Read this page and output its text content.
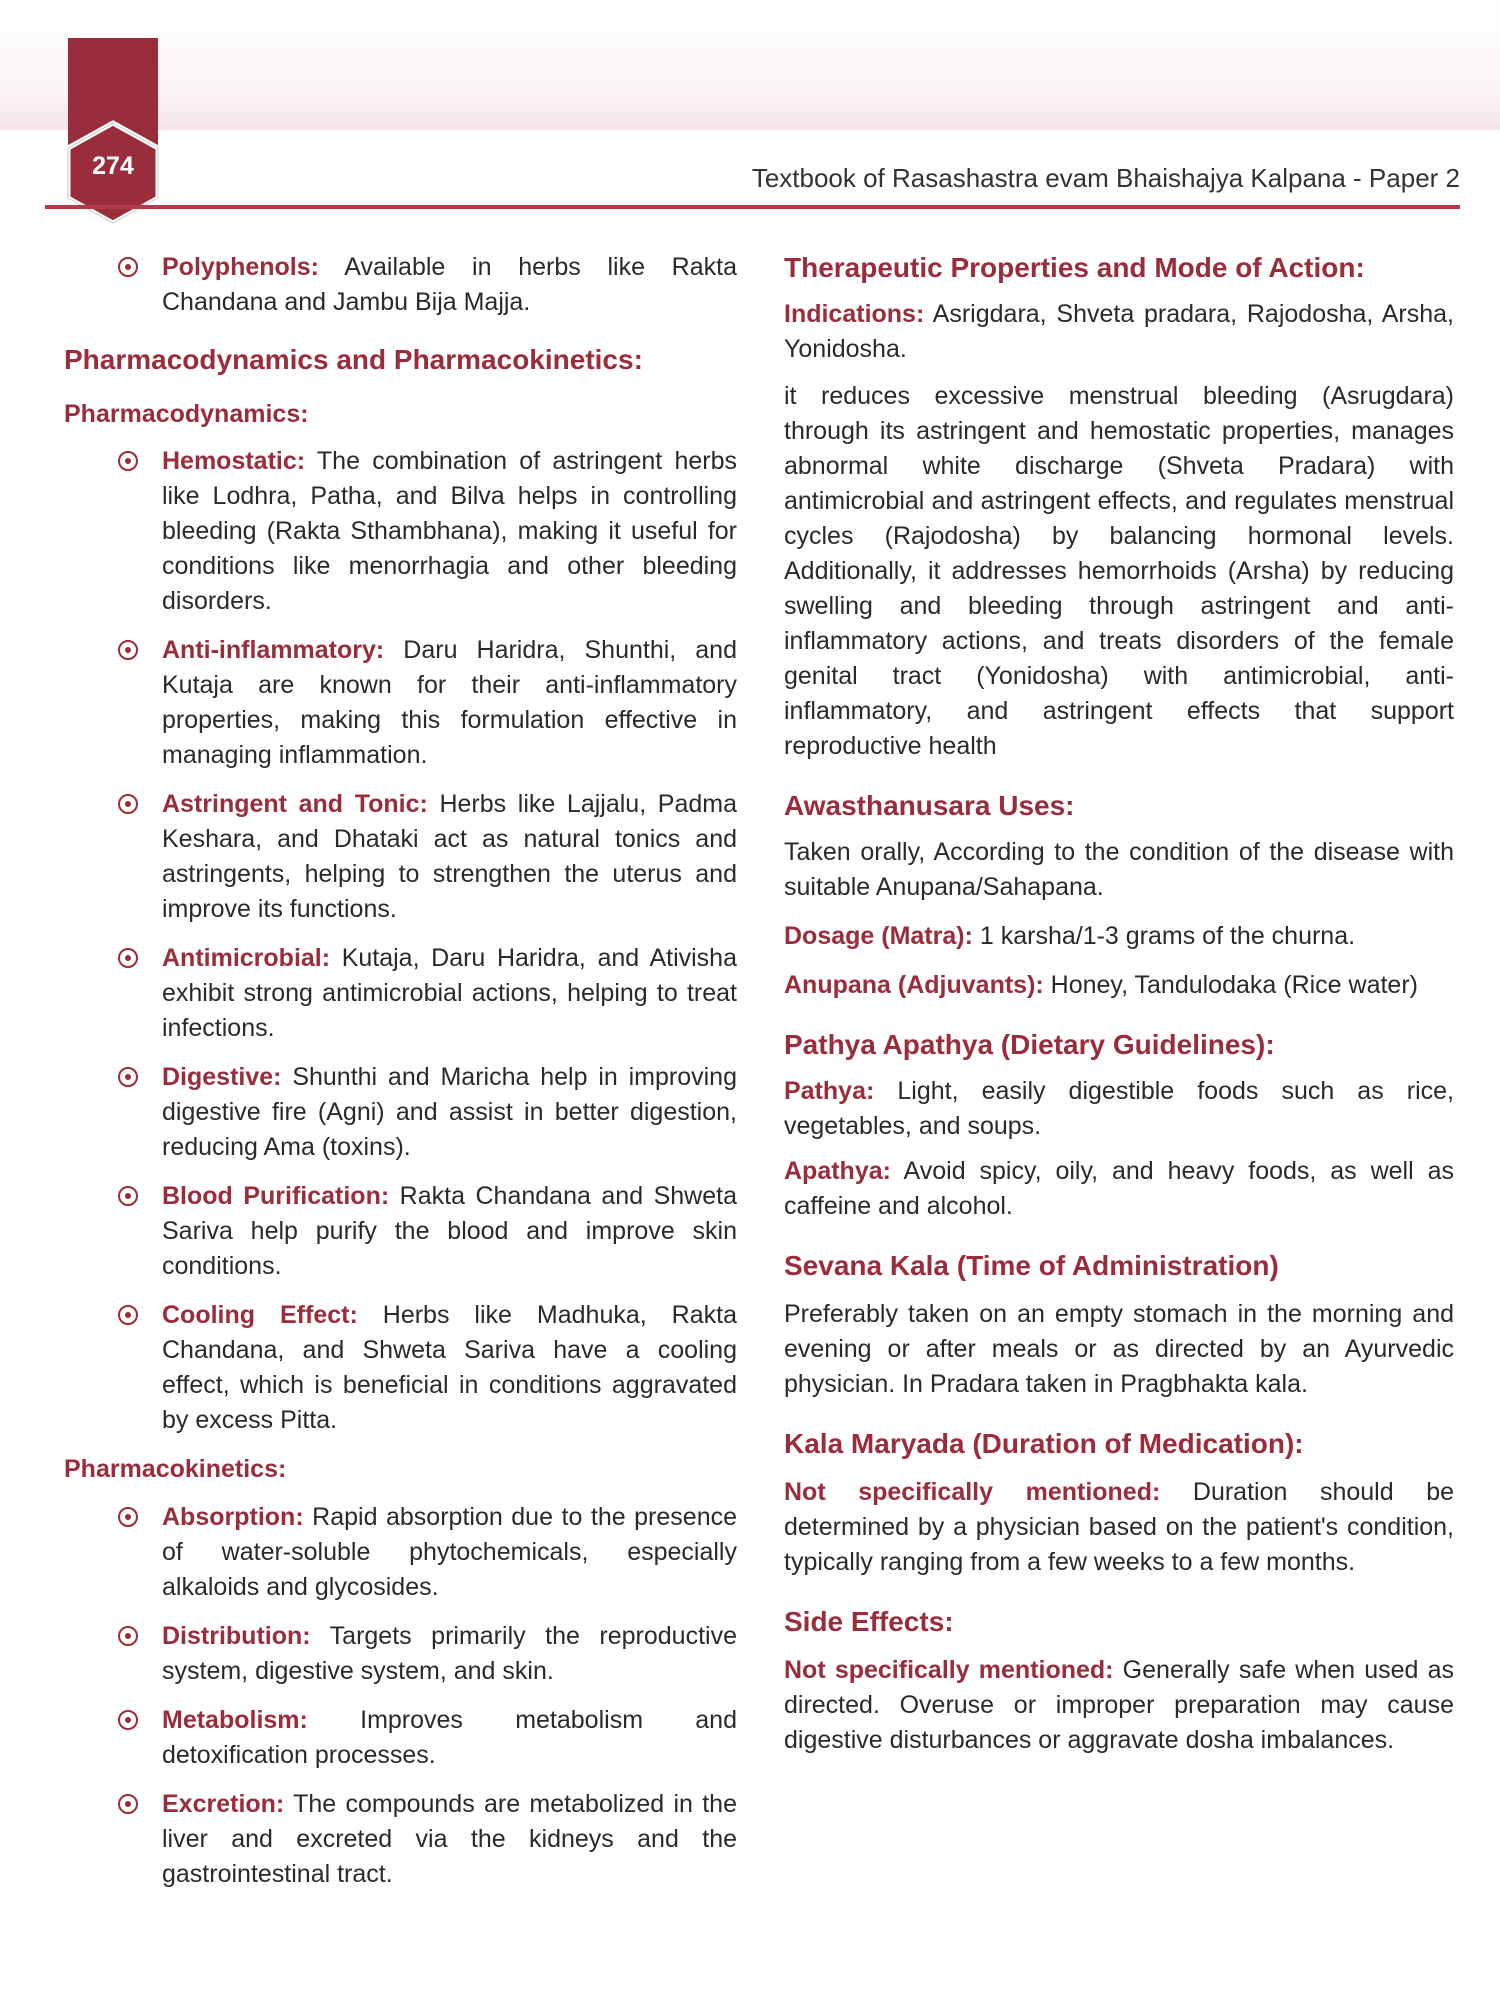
274	Textbook of Rasashastra evam Bhaishajya Kalpana - Paper 2
Polyphenols: Available in herbs like Rakta Chandana and Jambu Bija Majja.

Pharmacodynamics and Pharmacokinetics:

Pharmacodynamics:

Hemostatic: The combination of astringent herbs like Lodhra, Patha, and Bilva helps in controlling bleeding (Rakta Sthambhana), making it useful for conditions like menorrhagia and other bleeding disorders.
Anti-inflammatory: Daru Haridra, Shunthi, and Kutaja are known for their anti-inflammatory properties, making this formulation effective in managing inflammation.
Astringent and Tonic: Herbs like Lajjalu, Padma Keshara, and Dhataki act as natural tonics and astringents, helping to strengthen the uterus and improve its functions.
Antimicrobial: Kutaja, Daru Haridra, and Ativisha exhibit strong antimicrobial actions, helping to treat infections.
Digestive: Shunthi and Maricha help in improving digestive fire (Agni) and assist in better digestion, reducing Ama (toxins).
Blood Purification: Rakta Chandana and Shweta Sariva help purify the blood and improve skin conditions.
Cooling Effect: Herbs like Madhuka, Rakta Chandana, and Shweta Sariva have a cooling effect, which is beneficial in conditions aggravated by excess Pitta.

Pharmacokinetics:

Absorption: Rapid absorption due to the presence of water-soluble phytochemicals, especially alkaloids and glycosides.
Distribution: Targets primarily the reproductive system, digestive system, and skin.
Metabolism: Improves metabolism and detoxification processes.
Excretion: The compounds are metabolized in the liver and excreted via the kidneys and the gastrointestinal tract.

Therapeutic Properties and Mode of Action:

Indications: Asrigdara, Shveta pradara, Rajodosha, Arsha, Yonidosha.

it reduces excessive menstrual bleeding (Asrugdara) through its astringent and hemostatic properties, manages abnormal white discharge (Shveta Pradara) with antimicrobial and astringent effects, and regulates menstrual cycles (Rajodosha) by balancing hormonal levels. Additionally, it addresses hemorrhoids (Arsha) by reducing swelling and bleeding through astringent and anti-inflammatory actions, and treats disorders of the female genital tract (Yonidosha) with antimicrobial, anti-inflammatory, and astringent effects that support reproductive health

Awasthanusara Uses:

Taken orally, According to the condition of the disease with suitable Anupana/Sahapana.

Dosage (Matra): 1 karsha/1-3 grams of the churna.

Anupana (Adjuvants): Honey, Tandulodaka (Rice water)

Pathya Apathya (Dietary Guidelines):

Pathya: Light, easily digestible foods such as rice, vegetables, and soups.

Apathya: Avoid spicy, oily, and heavy foods, as well as caffeine and alcohol.

Sevana Kala (Time of Administration)

Preferably taken on an empty stomach in the morning and evening or after meals or as directed by an Ayurvedic physician. In Pradara taken in Pragbhakta kala.

Kala Maryada (Duration of Medication):

Not specifically mentioned: Duration should be determined by a physician based on the patient's condition, typically ranging from a few weeks to a few months.

Side Effects:

Not specifically mentioned: Generally safe when used as directed. Overuse or improper preparation may cause digestive disturbances or aggravate dosha imbalances.
